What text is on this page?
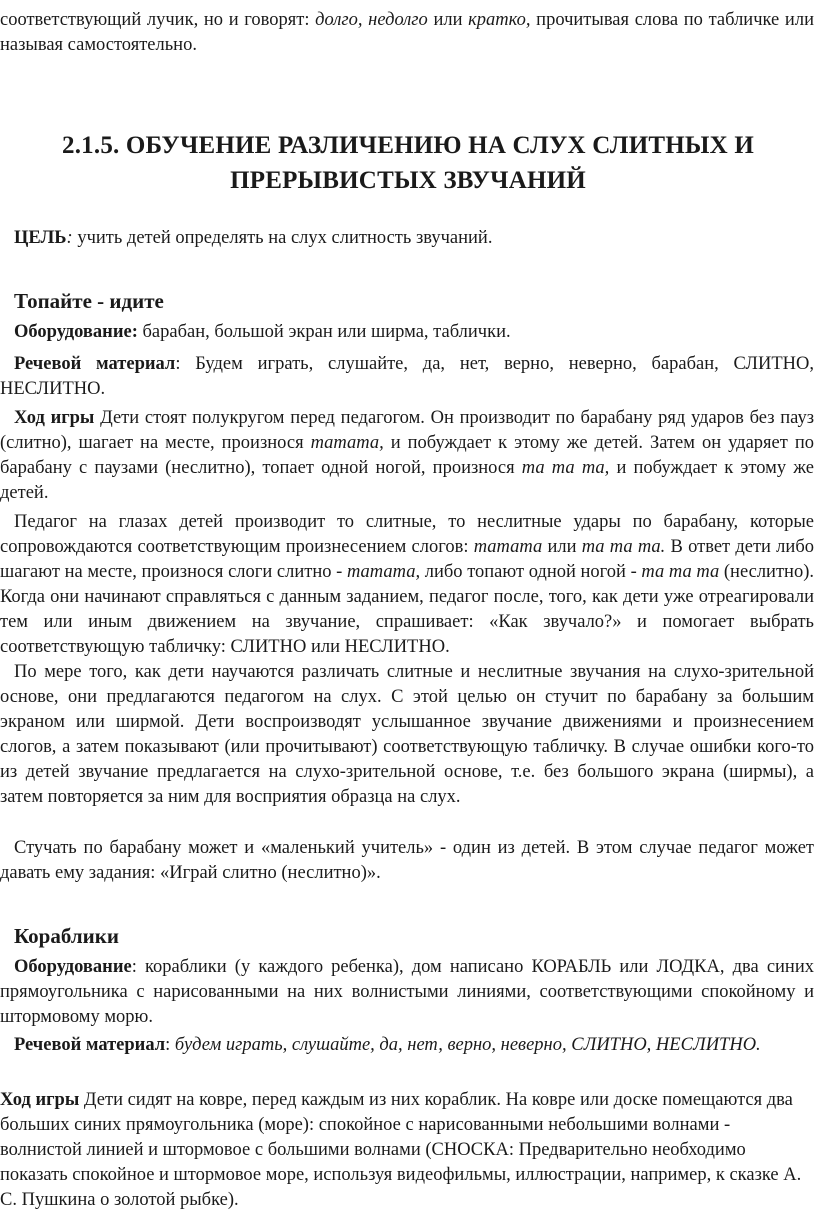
соответствующий лучик, но и говорят: долго, недолго или кратко, прочитывая слова по табличке или называя самостоятельно.

2.1.5. ОБУЧЕНИЕ РАЗЛИЧЕНИЮ НА СЛУХ СЛИТНЫХ И
ПРЕРЫВИСТЫХ ЗВУЧАНИЙ

ЦЕЛЬ: учить детей определять на слух слитность звучаний.

Топайте - идите

Оборудование: барабан, большой экран или ширма, таблички.

Речевой материал: Будем играть, слушайте, да, нет, верно, неверно, барабан, СЛИТНО, НЕСЛИТНО.

Ход игры Дети стоят полукругом перед педагогом. Он производит по барабану ряд ударов без пауз (слитно), шагает на месте, произнося татата, и побуждает к этому же детей. Затем он ударяет по барабану с паузами (неслитно), топает одной ногой, произнося та та та, и побуждает к этому же детей.

Педагог на глазах детей производит то слитные, то неслитные удары по барабану, которые сопровождаются соответствующим произнесением слогов: татата или та та та. В ответ дети либо шагают на месте, произнося слоги слитно - татата, либо топают одной ногой - та та та (неслитно). Когда они начинают справляться с данным заданием, педагог после, того, как дети уже отреагировали тем или иным движением на звучание, спрашивает: «Как звучало?» и помогает выбрать соответствующую табличку: СЛИТНО или НЕСЛИТНО.

По мере того, как дети научаются различать слитные и неслитные звучания на слухо-зрительной основе, они предлагаются педагогом на слух. С этой целью он стучит по барабану за большим экраном или ширмой. Дети воспроизводят услышанное звучание движениями и произнесением слогов, а затем показывают (или прочитывают) соответствующую табличку. В случае ошибки кого-то из детей звучание предлагается на слухо-зрительной основе, т.е. без большого экрана (ширмы), а затем повторяется за ним для восприятия образца на слух.

Стучать по барабану может и «маленький учитель» - один из детей. В этом случае педагог может давать ему задания: «Играй слитно (неслитно)».

Кораблики

Оборудование: кораблики (у каждого ребенка), дом написано КОРАБЛЬ или ЛОДКА, два синих прямоугольника с нарисованными на них волнистыми линиями, соответствующими спокойному и штормовому морю.

Речевой материал: будем играть, слушайте, да, нет, верно, неверно, СЛИТНО, НЕСЛИТНО.

Ход игры Дети сидят на ковре, перед каждым из них кораблик. На ковре или доске помещаются два больших синих прямоугольника (море): спокойное с нарисованными небольшими волнами - волнистой линией и штормовое с большими волнами (СНОСКА: Предварительно необходимо показать спокойное и штормовое море, используя видеофильмы, иллюстрации, например, к сказке А. С. Пушкина о золотой рыбке).
